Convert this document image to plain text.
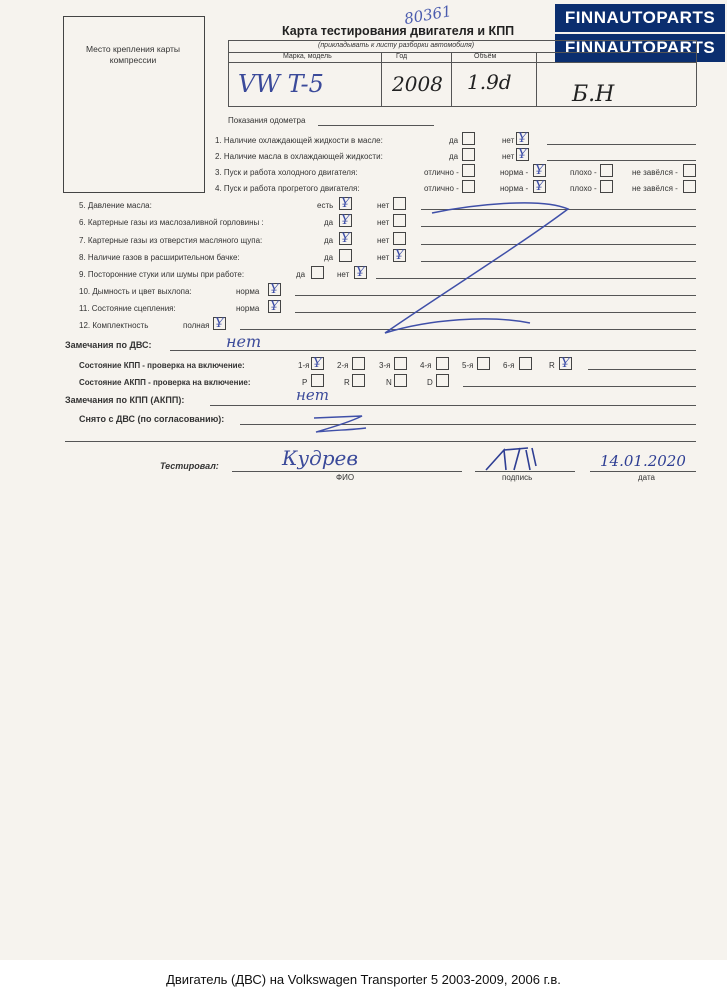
Место крепления карты компрессии
Карта тестирования двигателя и КПП
80361	FINNAUTOPARTS
FINNAUTOPARTS
(прикладывать к листу разборки автомобиля)
Марка, модель	Год	Объём
VW T-5	2008 1.9d	Б.Н
Показания одометра
1. Наличие охлаждающей жидкости в масле:	да	нет Ұ
2. Наличие масла в охлаждающей жидкости:	да	нет Ұ
3. Пуск и работа холодного двигателя:	отлично -	норма - Ұ	плохо -	не завёлся -
4. Пуск и работа прогретого двигателя:	отлично -	норма - Ұ	плохо -	не завёлся -
5. Давление масла:	есть Ұ	нет
6. Картерные газы из маслозаливной горловины :	да Ұ	нет
7. Картерные газы из отверстия масляного щупа:	да Ұ	нет
8. Наличие газов в расширительном бачке:	да	нет Ұ
9. Посторонние стуки или шумы при работе:	да	нет Ұ
10. Дымность и цвет выхлопа:	норма Ұ
11. Состояние сцепления:	норма Ұ
12. Комплектность	полная Ұ
Замечания по ДВС:	нет
Состояние КПП - проверка на включение:	1-я Ұ 2-я	3-я	4-я	5-я	6-я	R Ұ
Состояние АКПП - проверка на включение:	P	R	N	D
Замечания по КПП (АКПП):	нет
Снято с ДВС (по согласованию):
Тестировал:	Кудрев
ФИО	подпись
14.01.2020
дата
Двигатель (ДВС) на Volkswagen Transporter 5 2003-2009, 2006 г.в.
